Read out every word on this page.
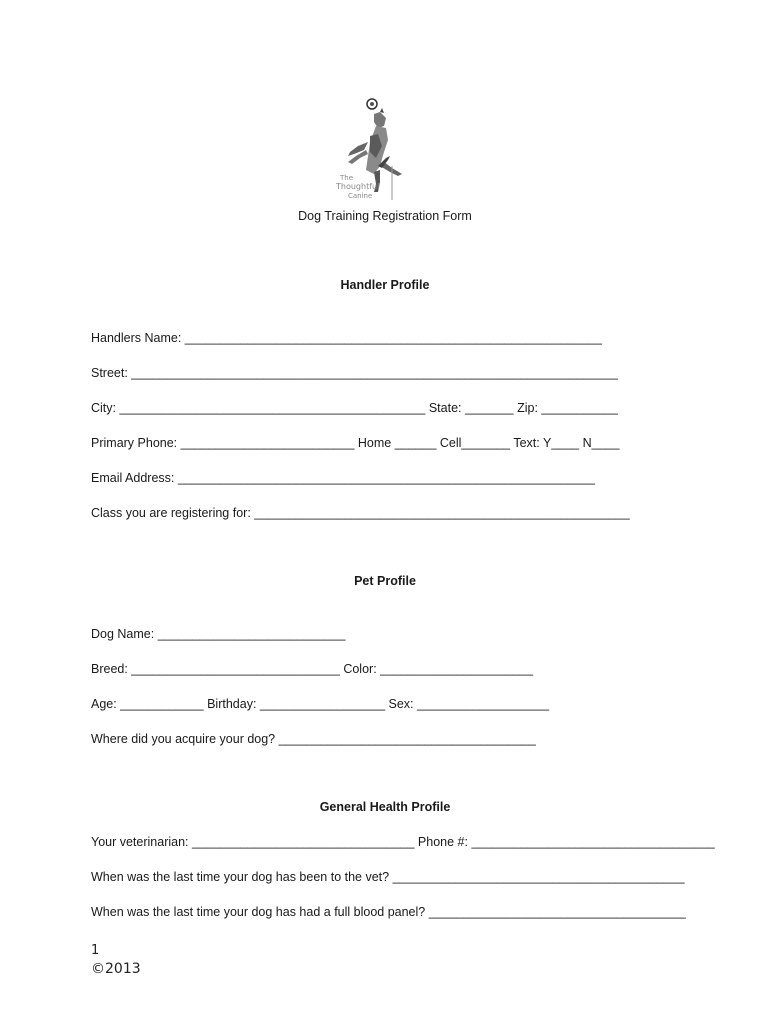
The
Thoughtful
Canine
Dog Training Registration Form
Handler Profile
Handlers Name: ____________________________________________________________
Street: ______________________________________________________________________
City: ____________________________________________ State: _______ Zip: ___________
Primary Phone: _________________________ Home ______ Cell_______ Text: Y____ N____
Email Address: ____________________________________________________________
Class you are registering for: ______________________________________________________
Pet Profile
Dog Name: ___________________________
Breed: ______________________________ Color: ______________________
Age: ____________ Birthday: __________________ Sex: ___________________
Where did you acquire your dog? _____________________________________
General Health Profile
Your veterinarian: ________________________________ Phone #: ___________________________________
When was the last time your dog has been to the vet? __________________________________________
When was the last time your dog has had a full blood panel? _____________________________________
1
©2013
